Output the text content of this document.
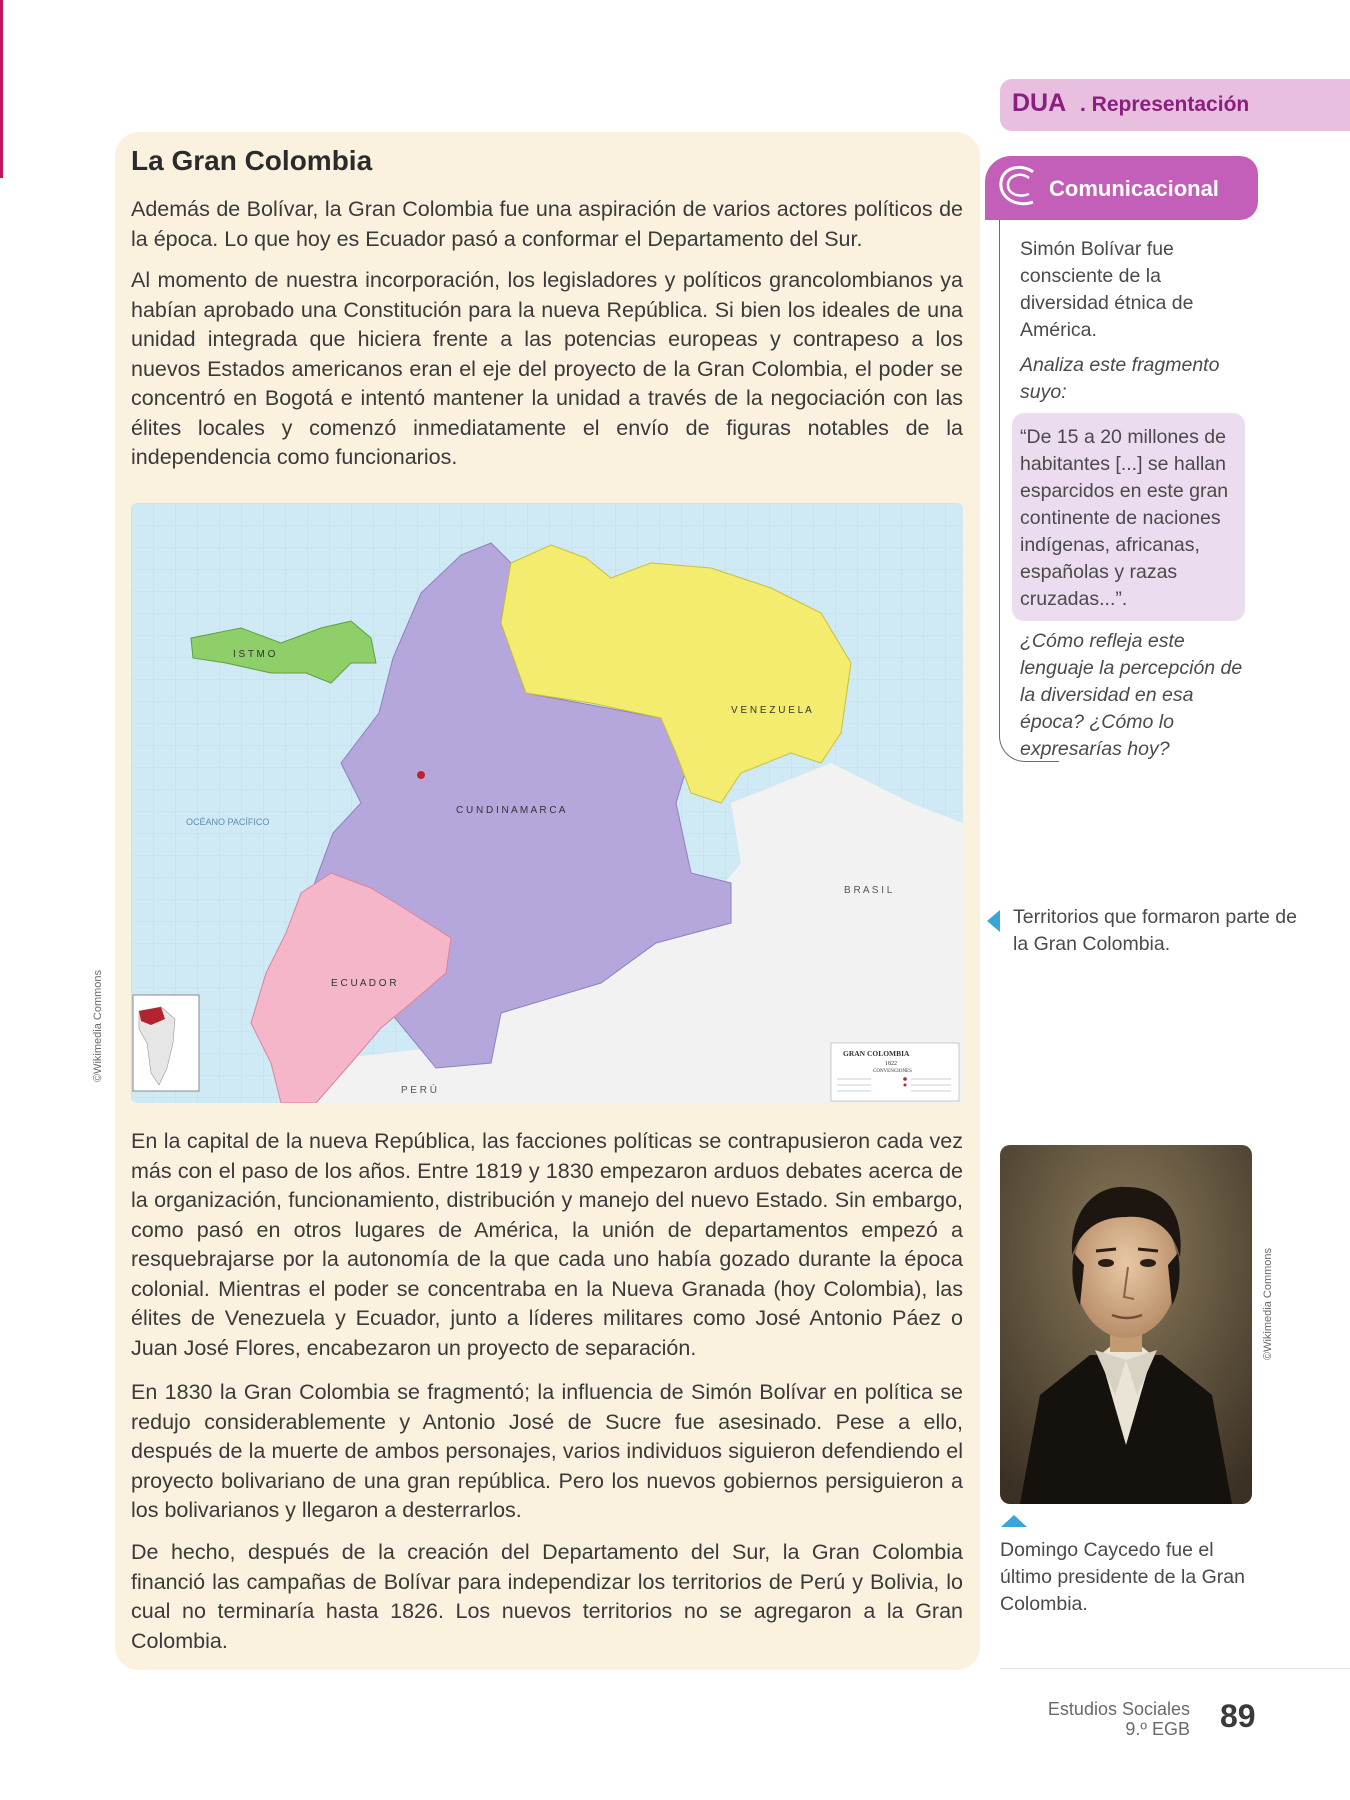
DUA . Representación
La Gran Colombia

Además de Bolívar, la Gran Colombia fue una aspiración de varios actores políticos de la época. Lo que hoy es Ecuador pasó a conformar el Departamento del Sur.

Al momento de nuestra incorporación, los legisladores y políticos grancolombianos ya habían aprobado una Constitución para la nueva República. Si bien los ideales de una unidad integrada que hiciera frente a las potencias europeas y contrapeso a los nuevos Estados americanos eran el eje del proyecto de la Gran Colombia, el poder se concentró en Bogotá e intentó mantener la unidad a través de la negociación con las élites locales y comenzó inmediatamente el envío de figuras notables de la independencia como funcionarios.

I S T M O
V E N E Z U E L A
C U N D I N A M A R C A
OCÉANO PACÍFICO
B R A S I L
E C U A D O R
P E R Ú
GRAN COLOMBIA
1822
CONVENCIONES
©Wikimedia Commons

En la capital de la nueva República, las facciones políticas se contrapusieron cada vez más con el paso de los años. Entre 1819 y 1830 empezaron arduos debates acerca de la organización, funcionamiento, distribución y manejo del nuevo Estado. Sin embargo, como pasó en otros lugares de América, la unión de departamentos empezó a resquebrajarse por la autonomía de la que cada uno había gozado durante la época colonial. Mientras el poder se concentraba en la Nueva Granada (hoy Colombia), las élites de Venezuela y Ecuador, junto a líderes militares como José Antonio Páez o Juan José Flores, encabezaron un proyecto de separación.

En 1830 la Gran Colombia se fragmentó; la influencia de Simón Bolívar en política se redujo considerablemente y Antonio José de Sucre fue asesinado. Pese a ello, después de la muerte de ambos personajes, varios individuos siguieron defendiendo el proyecto bolivariano de una gran república. Pero los nuevos gobiernos persiguieron a los bolivarianos y llegaron a desterrarlos.

De hecho, después de la creación del Departamento del Sur, la Gran Colombia financió las campañas de Bolívar para independizar los territorios de Perú y Bolivia, lo cual no terminaría hasta 1826. Los nuevos territorios no se agregaron a la Gran Colombia.

Comunicacional

Simón Bolívar fue consciente de la diversidad étnica de América.

Analiza este fragmento suyo:

“De 15 a 20 millones de habitantes [...] se hallan esparcidos en este gran continente de naciones indígenas, africanas, españolas y razas cruzadas...”.

¿Cómo refleja este lenguaje la percepción de la diversidad en esa época? ¿Cómo lo expresarías hoy?

Territorios que formaron parte de la Gran Colombia.

©Wikimedia Commons

Domingo Caycedo fue el último presidente de la Gran Colombia.

Estudios Sociales
9.º EGB 89
